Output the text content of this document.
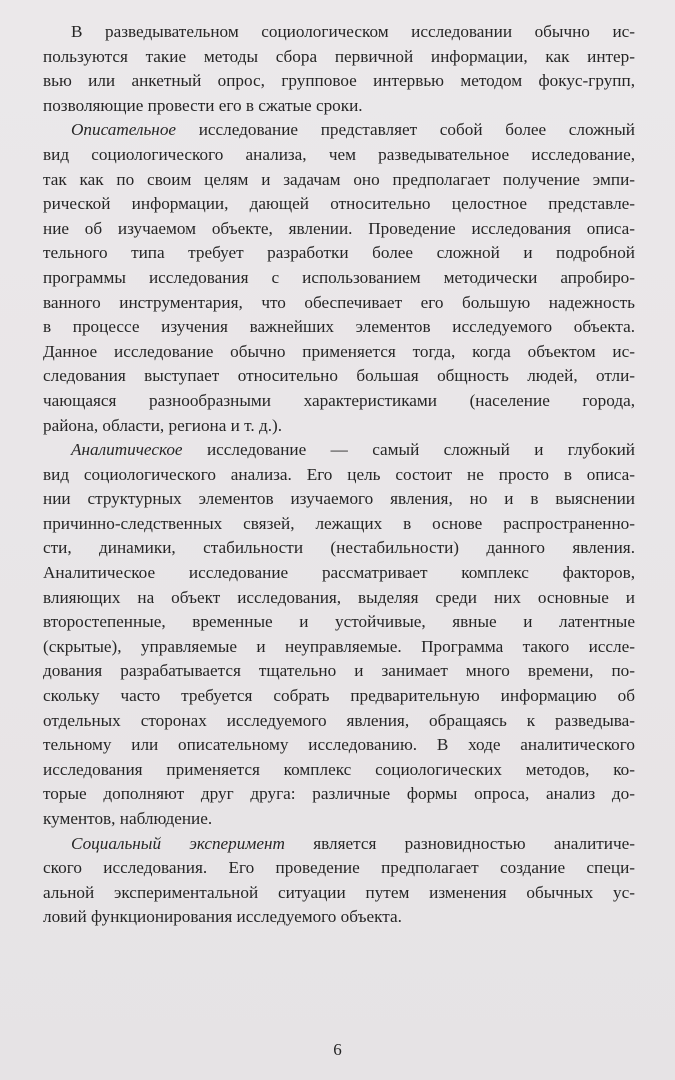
В разведывательном социологическом исследовании обычно ис-
пользуются такие методы сбора первичной информации, как интер-
вью или анкетный опрос, групповое интервью методом фокус-групп,
позволяющие провести его в сжатые сроки.

Описательное исследование представляет собой более сложный
вид социологического анализа, чем разведывательное исследование,
так как по своим целям и задачам оно предполагает получение эмпи-
рической информации, дающей относительно целостное представле-
ние об изучаемом объекте, явлении. Проведение исследования описа-
тельного типа требует разработки более сложной и подробной
программы исследования с использованием методически апробиро-
ванного инструментария, что обеспечивает его большую надежность
в процессе изучения важнейших элементов исследуемого объекта.
Данное исследование обычно применяется тогда, когда объектом ис-
следования выступает относительно большая общность людей, отли-
чающаяся разнообразными характеристиками (население города,
района, области, региона и т. д.).

Аналитическое исследование — самый сложный и глубокий
вид социологического анализа. Его цель состоит не просто в описа-
нии структурных элементов изучаемого явления, но и в выяснении
причинно-следственных связей, лежащих в основе распространенно-
сти, динамики, стабильности (нестабильности) данного явления.
Аналитическое исследование рассматривает комплекс факторов,
влияющих на объект исследования, выделяя среди них основные и
второстепенные, временные и устойчивые, явные и латентные
(скрытые), управляемые и неуправляемые. Программа такого иссле-
дования разрабатывается тщательно и занимает много времени, по-
скольку часто требуется собрать предварительную информацию об
отдельных сторонах исследуемого явления, обращаясь к разведыва-
тельному или описательному исследованию. В ходе аналитического
исследования применяется комплекс социологических методов, ко-
торые дополняют друг друга: различные формы опроса, анализ до-
кументов, наблюдение.

Социальный эксперимент является разновидностью аналитиче-
ского исследования. Его проведение предполагает создание специ-
альной экспериментальной ситуации путем изменения обычных ус-
ловий функционирования исследуемого объекта.

6
